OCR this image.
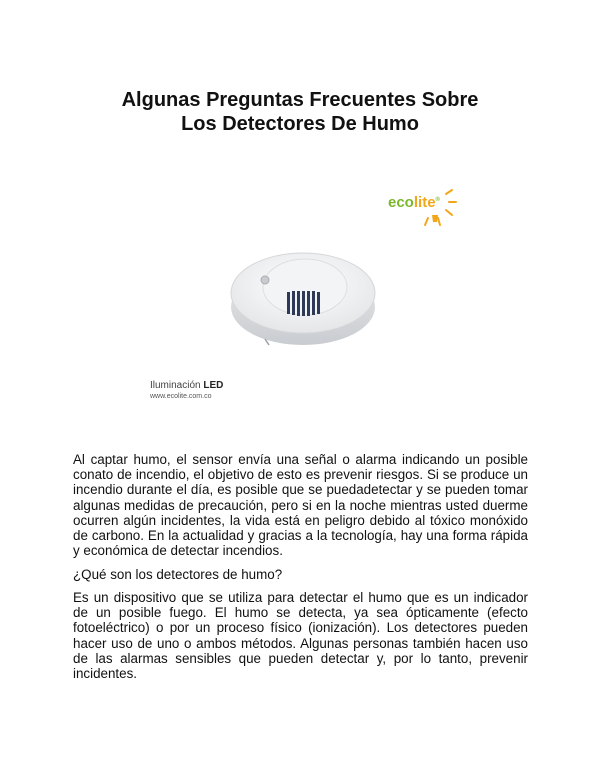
Algunas Preguntas Frecuentes Sobre
Los Detectores De Humo
ecolite®
Iluminación LED
www.ecolite.com.co

Al captar humo, el sensor envía una señal o alarma indicando un posible conato de incendio, el objetivo de esto es prevenir riesgos. Si se produce un incendio durante el día, es posible que se puedadetectar y se pueden tomar algunas medidas de precaución, pero si en la noche mientras usted duerme ocurren algún incidentes, la vida está en peligro debido al tóxico monóxido de carbono. En la actualidad y gracias a la tecnología, hay una forma rápida y económica de detectar incendios.

¿Qué son los detectores de humo?

Es un dispositivo que se utiliza para detectar el humo que es un indicador de un posible fuego. El humo se detecta, ya sea ópticamente (efecto fotoeléctrico) o por un proceso físico (ionización). Los detectores pueden hacer uso de uno o ambos métodos. Algunas personas también hacen uso de las alarmas sensibles que pueden detectar y, por lo tanto, prevenir incidentes.
